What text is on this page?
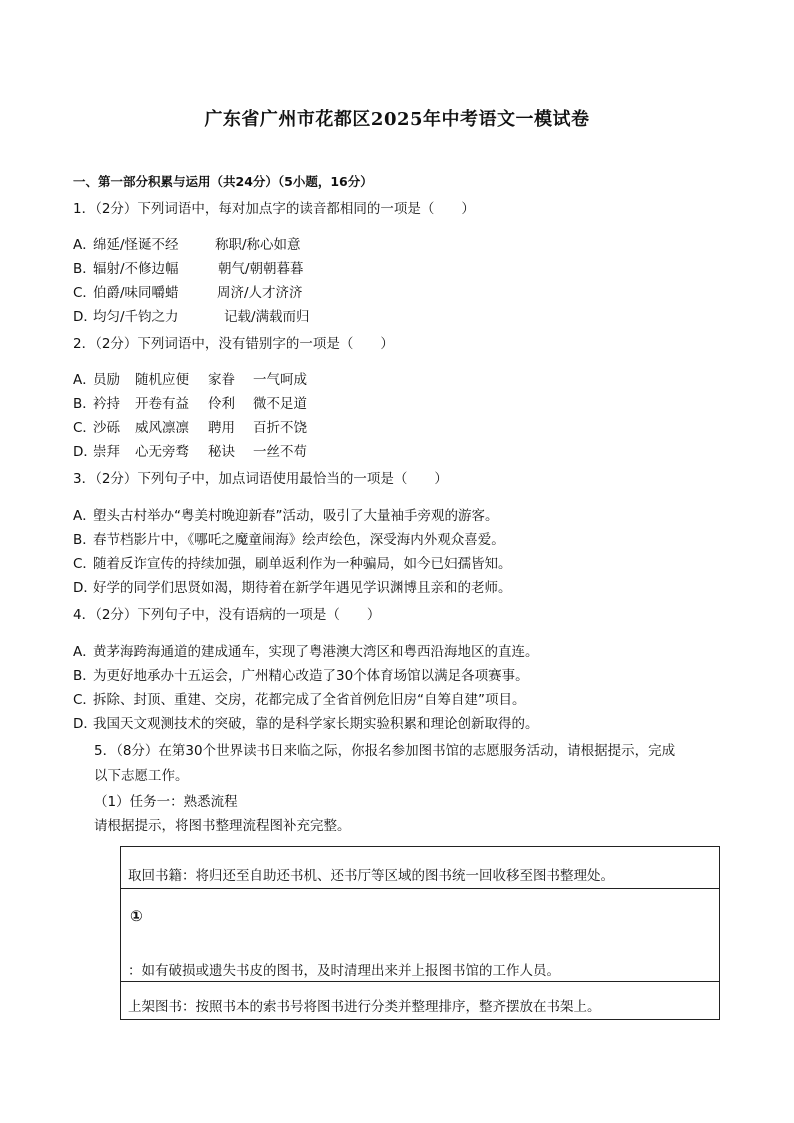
广东省广州市花都区2025年中考语文一模试卷
一、第一部分积累与运用（共24分）（5小题，16分）
1．（2分）下列词语中，每对加点字的读音都相同的一项是（　　）
A．绵延/怪诞不经	称职/称心如意
B．辐射/不修边幅	朝气/朝朝暮暮
C．伯爵/味同嚼蜡	周济/人才济济
D．均匀/千钧之力	记载/满载而归
2．（2分）下列词语中，没有错别字的一项是（　　）
A．员励 随机应便 家眷 一气呵成
B．衿持 开卷有益 伶利 微不足道
C．沙砾 威风凛凛 聘用 百折不饶
D．崇拜 心无旁骛 秘诀 一丝不苟
3．（2分）下列句子中，加点词语使用最恰当的一项是（　　）
A．塱头古村举办“粤美村晚迎新春”活动，吸引了大量袖手旁观的游客。
B．春节档影片中，《哪吒之魔童闹海》绘声绘色，深受海内外观众喜爱。
C．随着反诈宣传的持续加强，刷单返利作为一种骗局，如今已妇孺皆知。
D．好学的同学们思贤如渴，期待着在新学年遇见学识渊博且亲和的老师。
4．（2分）下列句子中，没有语病的一项是（　　）
A．黄茅海跨海通道的建成通车，实现了粤港澳大湾区和粤西沿海地区的直连。
B．为更好地承办十五运会，广州精心改造了30个体育场馆以满足各项赛事。
C．拆除、封顶、重建、交房，花都完成了全省首例危旧房“自筹自建”项目。
D．我国天文观测技术的突破，靠的是科学家长期实验积累和理论创新取得的。
5．（8分）在第30个世界读书日来临之际，你报名参加图书馆的志愿服务活动，请根据提示，完成
以下志愿工作。
（1）任务一：熟悉流程
请根据提示，将图书整理流程图补充完整。
取回书籍：将归还至自助还书机、还书厅等区域的图书统一回收移至图书整理处。
①
：如有破损或遗失书皮的图书，及时清理出来并上报图书馆的工作人员。
上架图书：按照书本的索书号将图书进行分类并整理排序，整齐摆放在书架上。
